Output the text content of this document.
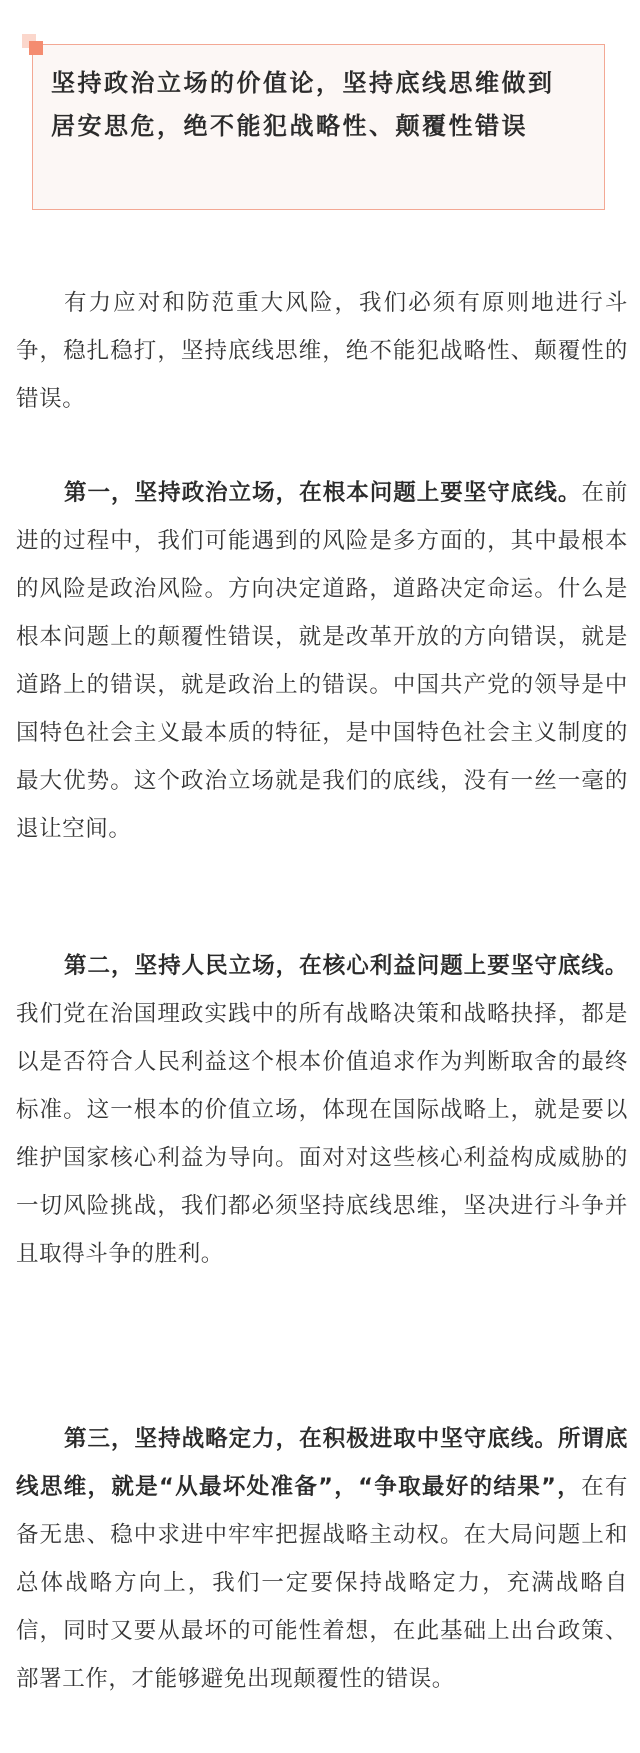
坚持政治立场的价值论，坚持底线思维做到居安思危，绝不能犯战略性、颠覆性错误

有力应对和防范重大风险，我们必须有原则地进行斗争，稳扎稳打，坚持底线思维，绝不能犯战略性、颠覆性的错误。

第一，坚持政治立场，在根本问题上要坚守底线。在前进的过程中，我们可能遇到的风险是多方面的，其中最根本的风险是政治风险。方向决定道路，道路决定命运。什么是根本问题上的颠覆性错误，就是改革开放的方向错误，就是道路上的错误，就是政治上的错误。中国共产党的领导是中国特色社会主义最本质的特征，是中国特色社会主义制度的最大优势。这个政治立场就是我们的底线，没有一丝一毫的退让空间。

第二，坚持人民立场，在核心利益问题上要坚守底线。我们党在治国理政实践中的所有战略决策和战略抉择，都是以是否符合人民利益这个根本价值追求作为判断取舍的最终标准。这一根本的价值立场，体现在国际战略上，就是要以维护国家核心利益为导向。面对对这些核心利益构成威胁的一切风险挑战，我们都必须坚持底线思维，坚决进行斗争并且取得斗争的胜利。

第三，坚持战略定力，在积极进取中坚守底线。所谓底线思维，就是“从最坏处准备”，“争取最好的结果”，在有备无患、稳中求进中牢牢把握战略主动权。在大局问题上和总体战略方向上，我们一定要保持战略定力，充满战略自信，同时又要从最坏的可能性着想，在此基础上出台政策、部署工作，才能够避免出现颠覆性的错误。
